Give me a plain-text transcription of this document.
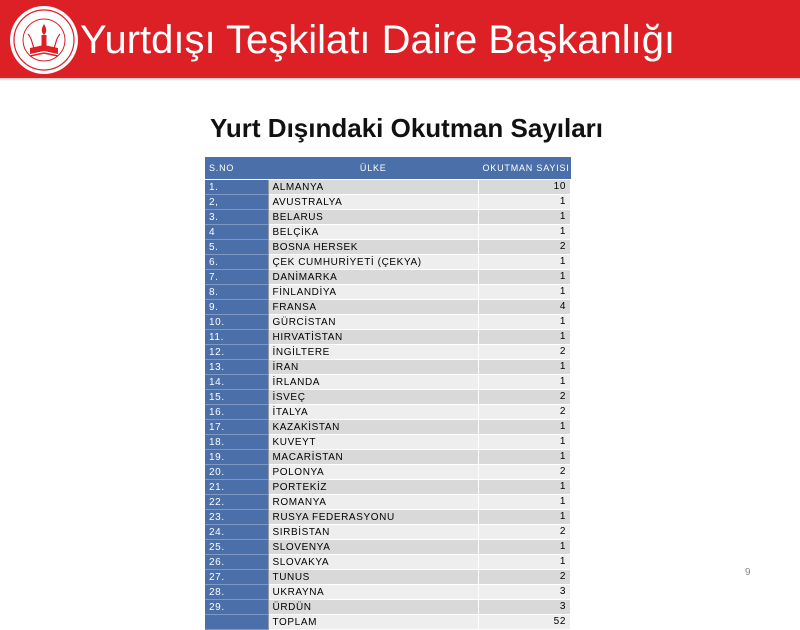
Yurtdışı Teşkilatı Daire Başkanlığı
Yurt Dışındaki Okutman Sayıları
S.NO	ÜLKE	OKUTMAN SAYISI
1.	ALMANYA	10
2,	AVUSTRALYA	1
3.	BELARUS	1
4	BELÇİKA	1
5.	BOSNA HERSEK	2
6.	ÇEK CUMHURİYETİ (ÇEKYA)	1
7.	DANİMARKA	1
8.	FİNLANDİYA	1
9.	FRANSA	4
10.	GÜRCİSTAN	1
11.	HIRVATİSTAN	1
12.	İNGİLTERE	2
13.	İRAN	1
14.	İRLANDA	1
15.	İSVEÇ	2
16.	İTALYA	2
17.	KAZAKİSTAN	1
18.	KUVEYT	1
19.	MACARİSTAN	1
20.	POLONYA	2
21.	PORTEKİZ	1
22.	ROMANYA	1
23.	RUSYA FEDERASYONU	1
24.	SIRBİSTAN	2
25.	SLOVENYA	1
26.	SLOVAKYA	1
27.	TUNUS	2
28.	UKRAYNA	3
29.	ÜRDÜN	3
	TOPLAM	52
9
